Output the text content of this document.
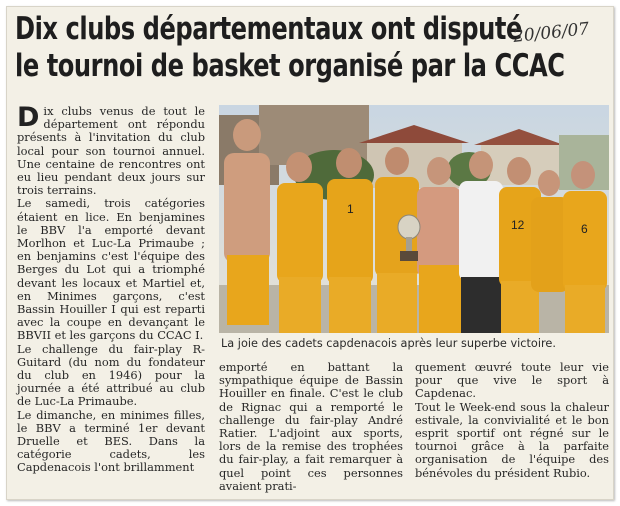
Dix clubs départementaux ont disputé
le tournoi de basket organisé par la CCAC
20/06/07

Dix clubs venus de tout le département ont répondu présents à l'invitation du club local pour son tournoi annuel. Une centaine de rencontres ont eu lieu pendant deux jours sur trois terrains.

Le samedi, trois catégories étaient en lice. En benjamines le BBV l'a emporté devant Morlhon et Luc-La Primaube ; en benjamins c'est l'équipe des Berges du Lot qui a triomphé devant les locaux et Martiel et, en Minimes garçons, c'est Bassin Houiller I qui est reparti avec la coupe en devançant le BBVII et les garçons du CCAC I.

Le challenge du fair-play R-Guitard (du nom du fondateur du club en 1946) pour la journée a été attribué au club de Luc-La Primaube.

Le dimanche, en minimes filles, le BBV a terminé 1er devant Druelle et BES. Dans la catégorie cadets, les Capdenacois l'ont brillamment

1
12	6
La joie des cadets capdenacois après leur superbe victoire.

emporté en battant la sympathique équipe de Bassin Houiller en finale. C'est le club de Rignac qui a remporté le challenge du fair-play André Ratier. L'adjoint aux sports, lors de la remise des trophées du fair-play, a fait remarquer à quel point ces personnes avaient prati-

quement œuvré toute leur vie pour que vive le sport à Capdenac.

Tout le Week-end sous la chaleur estivale, la convivialité et le bon esprit sportif ont régné sur le tournoi grâce à la parfaite organisation de l'équipe des bénévoles du président Rubio.
